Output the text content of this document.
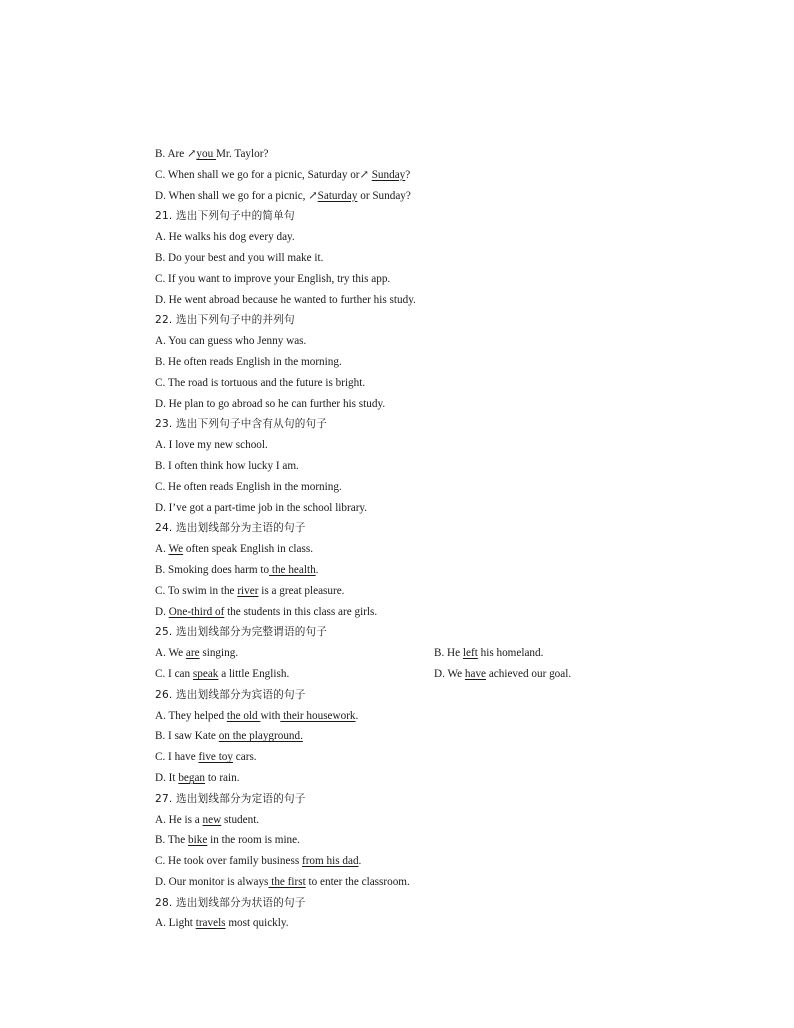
B. Are ↗you Mr. Taylor?
C. When shall we go for a picnic, Saturday or↗ Sunday?
D. When shall we go for a picnic, ↗Saturday or Sunday?
21. 选出下列句子中的简单句
A. He walks his dog every day.
B. Do your best and you will make it.
C. If you want to improve your English, try this app.
D. He went abroad because he wanted to further his study.
22. 选出下列句子中的并列句
A. You can guess who Jenny was.
B. He often reads English in the morning.
C. The road is tortuous and the future is bright.
D. He plan to go abroad so he can further his study.
23. 选出下列句子中含有从句的句子
A. I love my new school.
B. I often think how lucky I am.
C. He often reads English in the morning.
D. I’ve got a part-time job in the school library.
24. 选出划线部分为主语的句子
A. We often speak English in class.
B. Smoking does harm to the health.
C. To swim in the river is a great pleasure.
D. One-third of the students in this class are girls.
25. 选出划线部分为完整谓语的句子
A. We are singing.	B. He left his homeland.
C. I can speak a little English.	D. We have achieved our goal.
26. 选出划线部分为宾语的句子
A. They helped the old with their housework.
B. I saw Kate on the playground.
C. I have five toy cars.
D. It began to rain.
27. 选出划线部分为定语的句子
A. He is a new student.
B. The bike in the room is mine.
C. He took over family business from his dad.
D. Our monitor is always the first to enter the classroom.
28. 选出划线部分为状语的句子
A. Light travels most quickly.
